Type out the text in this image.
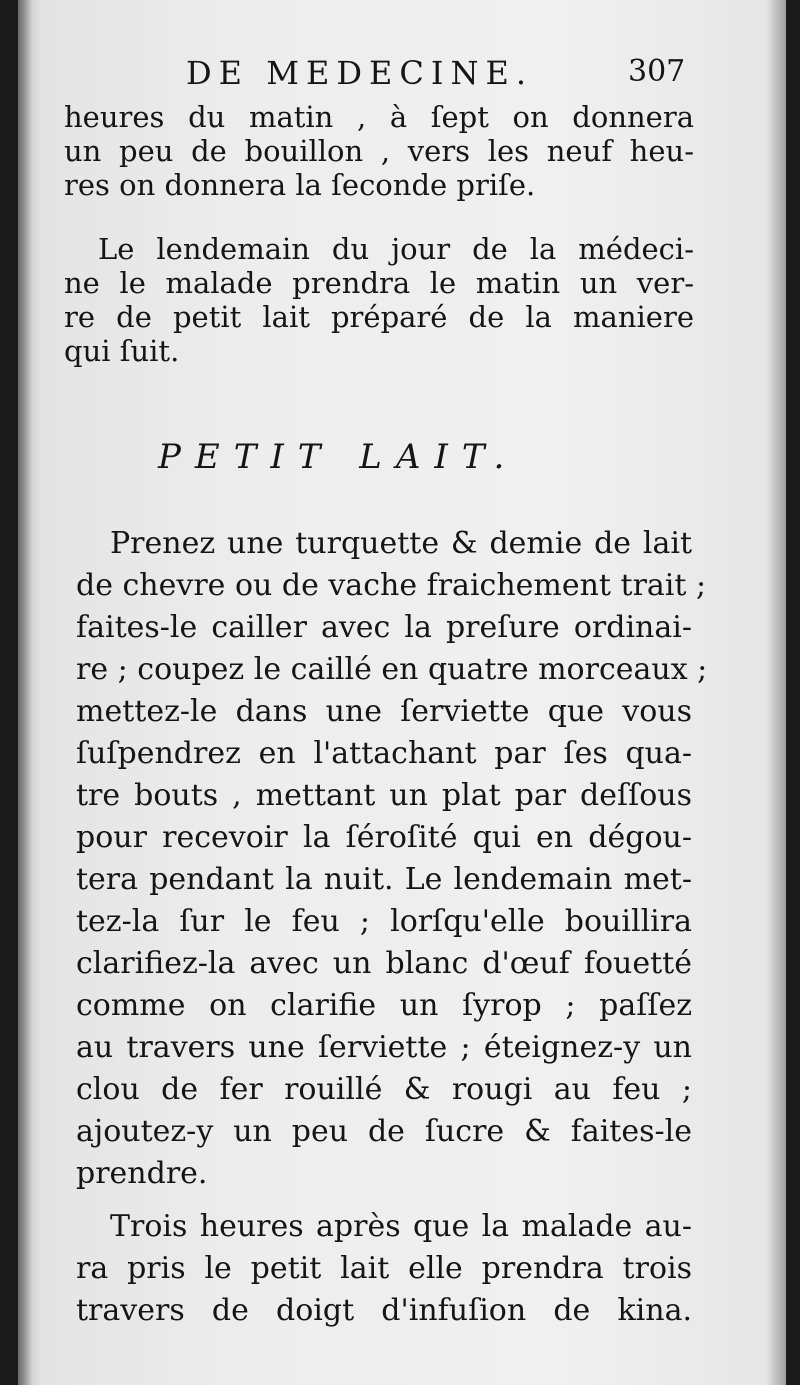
DE MEDECINE.	307
heures du matin , à ſept on donnera
un peu de bouillon , vers les neuf heu-
res on donnera la ſeconde priſe.
Le lendemain du jour de la médeci-
ne le malade prendra le matin un ver-
re de petit lait préparé de la maniere
qui ſuit.
PETIT LAIT.
Prenez une turquette & demie de lait
de chevre ou de vache fraichement trait ;
faites-le cailler avec la preſure ordinai-
re ; coupez le caillé en quatre morceaux ;
mettez-le dans une ſerviette que vous
ſuſpendrez en l'attachant par ſes qua-
tre bouts , mettant un plat par deſſous
pour recevoir la ſéroſité qui en dégou-
tera pendant la nuit. Le lendemain met-
tez-la ſur le feu ; lorſqu'elle bouillira
clarifiez-la avec un blanc d'œuf fouetté
comme on clarifie un ſyrop ; paſſez
au travers une ſerviette ; éteignez-y un
clou de fer rouillé & rougi au feu ;
ajoutez-y un peu de ſucre & faites-le
prendre.
Trois heures après que la malade au-
ra pris le petit lait elle prendra trois
travers de doigt d'infuſion de kina.
